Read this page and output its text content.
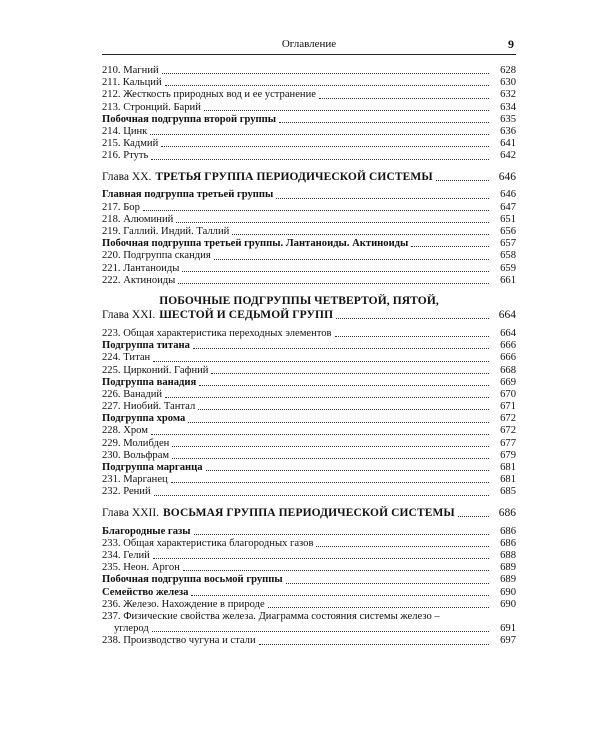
Оглавление	9
210. Магний	628
211. Кальций	630
212. Жесткость природных вод и ее устранение	632
213. Стронций. Барий	634
Побочная подгруппа второй группы	635
214. Цинк	636
215. Кадмий	641
216. Ртуть	642
Глава XX. ТРЕТЬЯ ГРУППА ПЕРИОДИЧЕСКОЙ СИСТЕМЫ	646
Главная подгруппа третьей группы	646
217. Бор	647
218. Алюминий	651
219. Галлий. Индий. Таллий	656
Побочная подгруппа третьей группы. Лантаноиды. Актиноиды	657
220. Подгруппа скандия	658
221. Лантаноиды	659
222. Актиноиды	661
Глава XXI.
ПОБОЧНЫЕ ПОДГРУППЫ ЧЕТВЕРТОЙ, ПЯТОЙ,
ШЕСТОЙ И СЕДЬМОЙ ГРУПП	664
223. Общая характеристика переходных элементов	664
Подгруппа титана	666
224. Титан	666
225. Цирконий. Гафний	668
Подгруппа ванадия	669
226. Ванадий	670
227. Ниобий. Тантал	671
Подгруппа хрома	672
228. Хром	672
229. Молибден	677
230. Вольфрам	679
Подгруппа марганца	681
231. Марганец	681
232. Рений	685
Глава XXII. ВОСЬМАЯ ГРУППА ПЕРИОДИЧЕСКОЙ СИСТЕМЫ	686
Благородные газы	686
233. Общая характеристика благородных газов	686
234. Гелий	688
235. Неон. Аргон	689
Побочная подгруппа восьмой группы	689
Семейство железа	690
236. Железо. Нахождение в природе	690
237. Физические свойства железа. Диаграмма состояния системы железо –
углерод	691
238. Производство чугуна и стали	697
